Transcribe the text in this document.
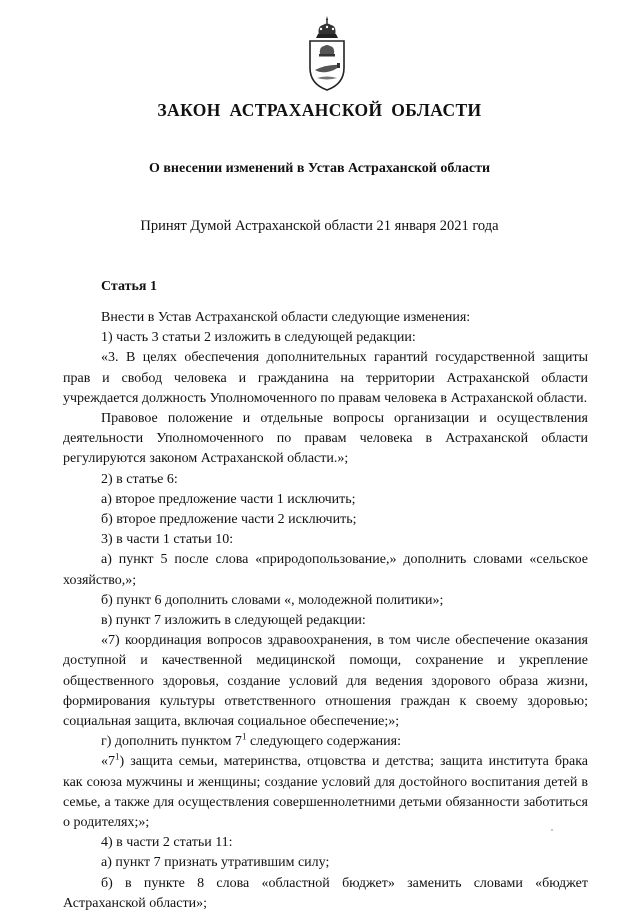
ЗАКОН АСТРАХАНСКОЙ ОБЛАСТИ
О внесении изменений в Устав Астраханской области
Принят Думой Астраханской области 21 января 2021 года
Статья 1

Внести в Устав Астраханской области следующие изменения:

1) часть 3 статьи 2 изложить в следующей редакции:

«3. В целях обеспечения дополнительных гарантий государственной защиты прав и свобод человека и гражданина на территории Астраханской области учреждается должность Уполномоченного по правам человека в Астраханской области.

Правовое положение и отдельные вопросы организации и осуществления деятельности Уполномоченного по правам человека в Астраханской области регулируются законом Астраханской области.»;

2) в статье 6:

а) второе предложение части 1 исключить;

б) второе предложение части 2 исключить;

3) в части 1 статьи 10:

а) пункт 5 после слова «природопользование,» дополнить словами «сельское хозяйство,»;

б) пункт 6 дополнить словами «, молодежной политики»;

в) пункт 7 изложить в следующей редакции:

«7) координация вопросов здравоохранения, в том числе обеспечение оказания доступной и качественной медицинской помощи, сохранение и укрепление общественного здоровья, создание условий для ведения здорового образа жизни, формирования культуры ответственного отношения граждан к своему здоровью; социальная защита, включая социальное обеспечение;»;

г) дополнить пунктом $7^1$ следующего содержания:

«$7^1$) защита семьи, материнства, отцовства и детства; защита института брака как союза мужчины и женщины; создание условий для достойного воспитания детей в семье, а также для осуществления совершеннолетними детьми обязанности заботиться о родителях;»;

4) в части 2 статьи 11:

а) пункт 7 признать утратившим силу;

б) в пункте 8 слова «областной бюджет» заменить словами «бюджет Астраханской области»;
